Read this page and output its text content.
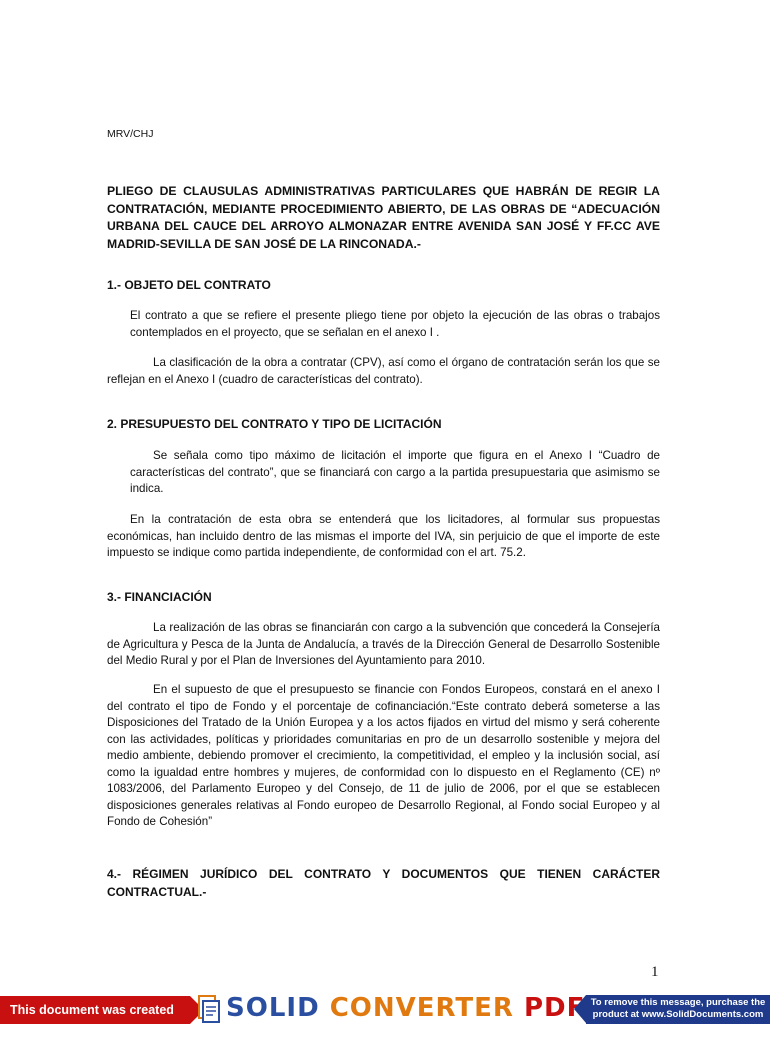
MRV/CHJ
PLIEGO DE CLAUSULAS ADMINISTRATIVAS PARTICULARES QUE HABRÁN DE REGIR LA CONTRATACIÓN, MEDIANTE PROCEDIMIENTO ABIERTO, DE LAS OBRAS DE “ADECUACIÓN URBANA DEL CAUCE DEL ARROYO ALMONAZAR ENTRE AVENIDA SAN JOSÉ Y FF.CC AVE MADRID-SEVILLA DE SAN JOSÉ DE LA RINCONADA.-
1.- OBJETO DEL CONTRATO

El contrato a que se refiere el presente pliego tiene por objeto la ejecución de las obras o trabajos contemplados en el proyecto, que se señalan en el anexo I .

La clasificación de la obra a contratar (CPV), así como el órgano de contratación serán los que se reflejan en el Anexo I (cuadro de características del contrato).

2. PRESUPUESTO DEL CONTRATO Y TIPO DE LICITACIÓN

Se señala como tipo máximo de licitación el importe que figura en el Anexo I “Cuadro de características del contrato”, que se financiará con cargo a la partida presupuestaria que asimismo se indica.

En la contratación de esta obra se entenderá que los licitadores, al formular sus propuestas económicas, han incluido dentro de las mismas el importe del IVA, sin perjuicio de que el importe de este impuesto se indique como partida independiente, de conformidad con el art. 75.2.

3.- FINANCIACIÓN

La realización de las obras se financiarán con cargo a la subvención que concederá la Consejería de Agricultura y Pesca de la Junta de Andalucía, a través de la Dirección General de Desarrollo Sostenible del Medio Rural y por el Plan de Inversiones del Ayuntamiento para 2010.

En el supuesto de que el presupuesto se financie con Fondos Europeos, constará en el anexo I del contrato el tipo de Fondo y el porcentaje de cofinanciación.“Este contrato deberá someterse a las Disposiciones del Tratado de la Unión Europea y a los actos fijados en virtud del mismo y será coherente con las actividades, políticas y prioridades comunitarias en pro de un desarrollo sostenible y mejora del medio ambiente, debiendo promover el crecimiento, la competitividad, el empleo y la inclusión social, así como la igualdad entre hombres y mujeres, de conformidad con lo dispuesto en el Reglamento (CE) nº 1083/2006, del Parlamento Europeo y del Consejo, de 11 de julio de 2006, por el que se establecen disposiciones generales relativas al Fondo europeo de Desarrollo Regional, al Fondo social Europeo y al Fondo de Cohesión”

4.- RÉGIMEN JURÍDICO DEL CONTRATO Y DOCUMENTOS QUE TIENEN CARÁCTER CONTRACTUAL.-
1
This document was created using
SOLID CONVERTER PDF To remove this message, purchase the
product at www.SolidDocuments.com
